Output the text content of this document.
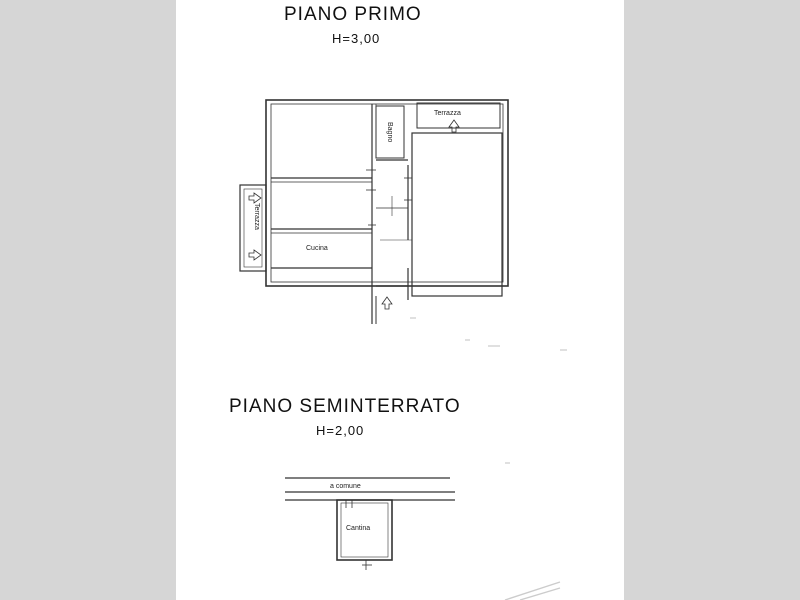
PIANO PRIMO
H=3,00
PIANO SEMINTERRATO
H=2,00
Terrazza
Bagno
Terrazza
Cucina
a comune
Cantina
